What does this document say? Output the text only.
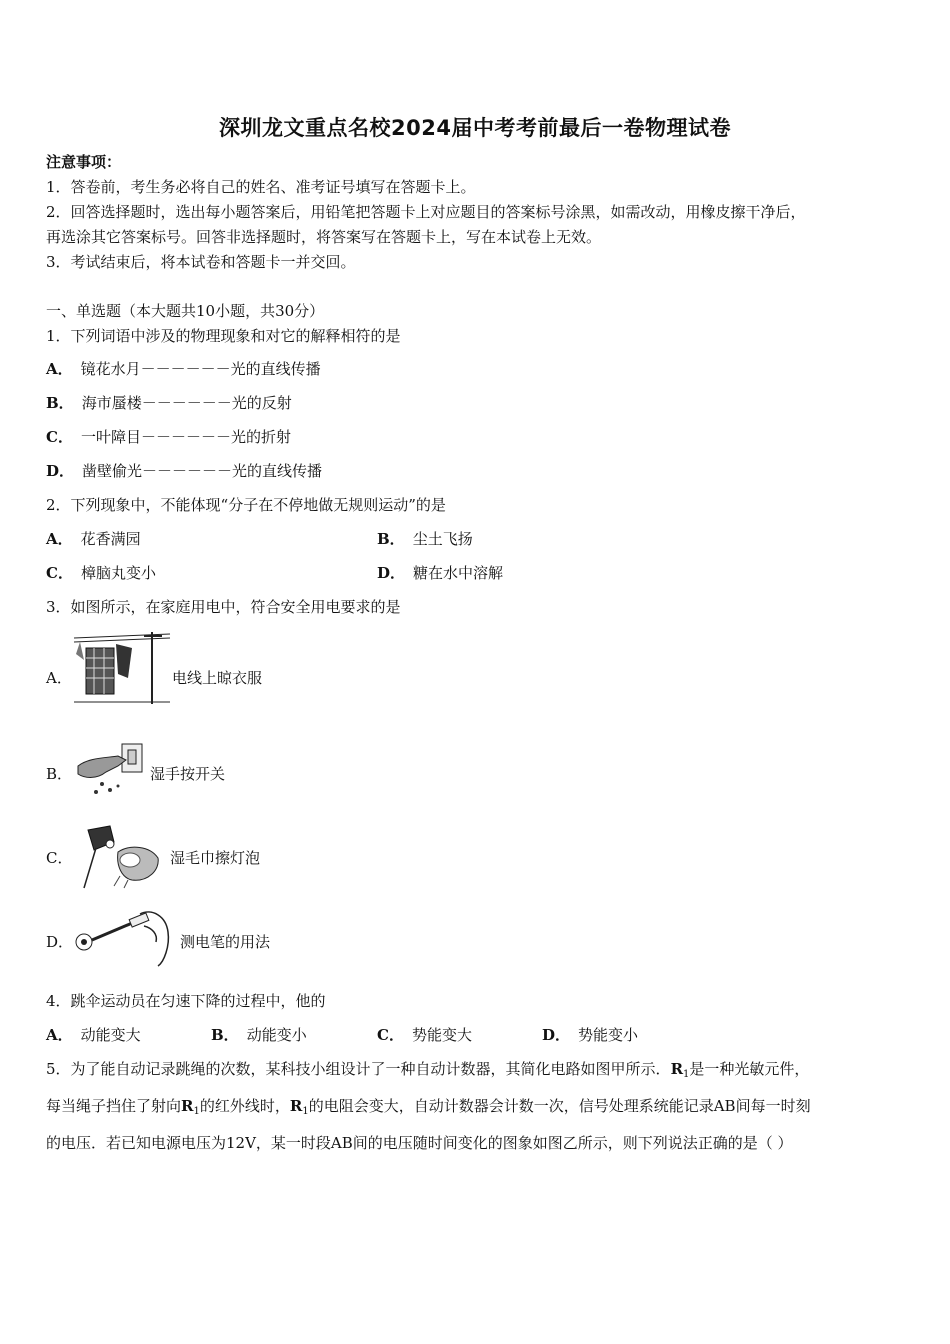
深圳龙文重点名校2024届中考考前最后一卷物理试卷
注意事项：
1．答卷前，考生务必将自己的姓名、准考证号填写在答题卡上。
2．回答选择题时，选出每小题答案后，用铅笔把答题卡上对应题目的答案标号涂黑，如需改动，用橡皮擦干净后，
再选涂其它答案标号。回答非选择题时，将答案写在答题卡上，写在本试卷上无效。
3．考试结束后，将本试卷和答题卡一并交回。
一、单选题（本大题共10小题，共30分）
1．下列词语中涉及的物理现象和对它的解释相符的是
A． 镜花水月－－－－－－光的直线传播
B． 海市蜃楼－－－－－－光的反射
C． 一叶障目－－－－－－光的折射
D． 凿壁偷光－－－－－－光的直线传播
2．下列现象中，不能体现“分子在不停地做无规则运动”的是
A． 花香满园	B． 尘土飞扬
C． 樟脑丸变小	D． 糖在水中溶解
3．如图所示，在家庭用电中，符合安全用电要求的是
A．	电线上晾衣服
B．	湿手按开关
C．	湿毛巾擦灯泡
D．	测电笔的用法
4．跳伞运动员在匀速下降的过程中，他的
A． 动能变大	B． 动能变小	C． 势能变大	D． 势能变小
5．为了能自动记录跳绳的次数，某科技小组设计了一种自动计数器，其简化电路如图甲所示．$R_1$是一种光敏元件，
每当绳子挡住了射向$R_1$的红外线时，$R_1$的电阻会变大，自动计数器会计数一次，信号处理系统能记录AB间每一时刻
的电压．若已知电源电压为12V，某一时段AB间的电压随时间变化的图象如图乙所示，则下列说法正确的是（ ）
